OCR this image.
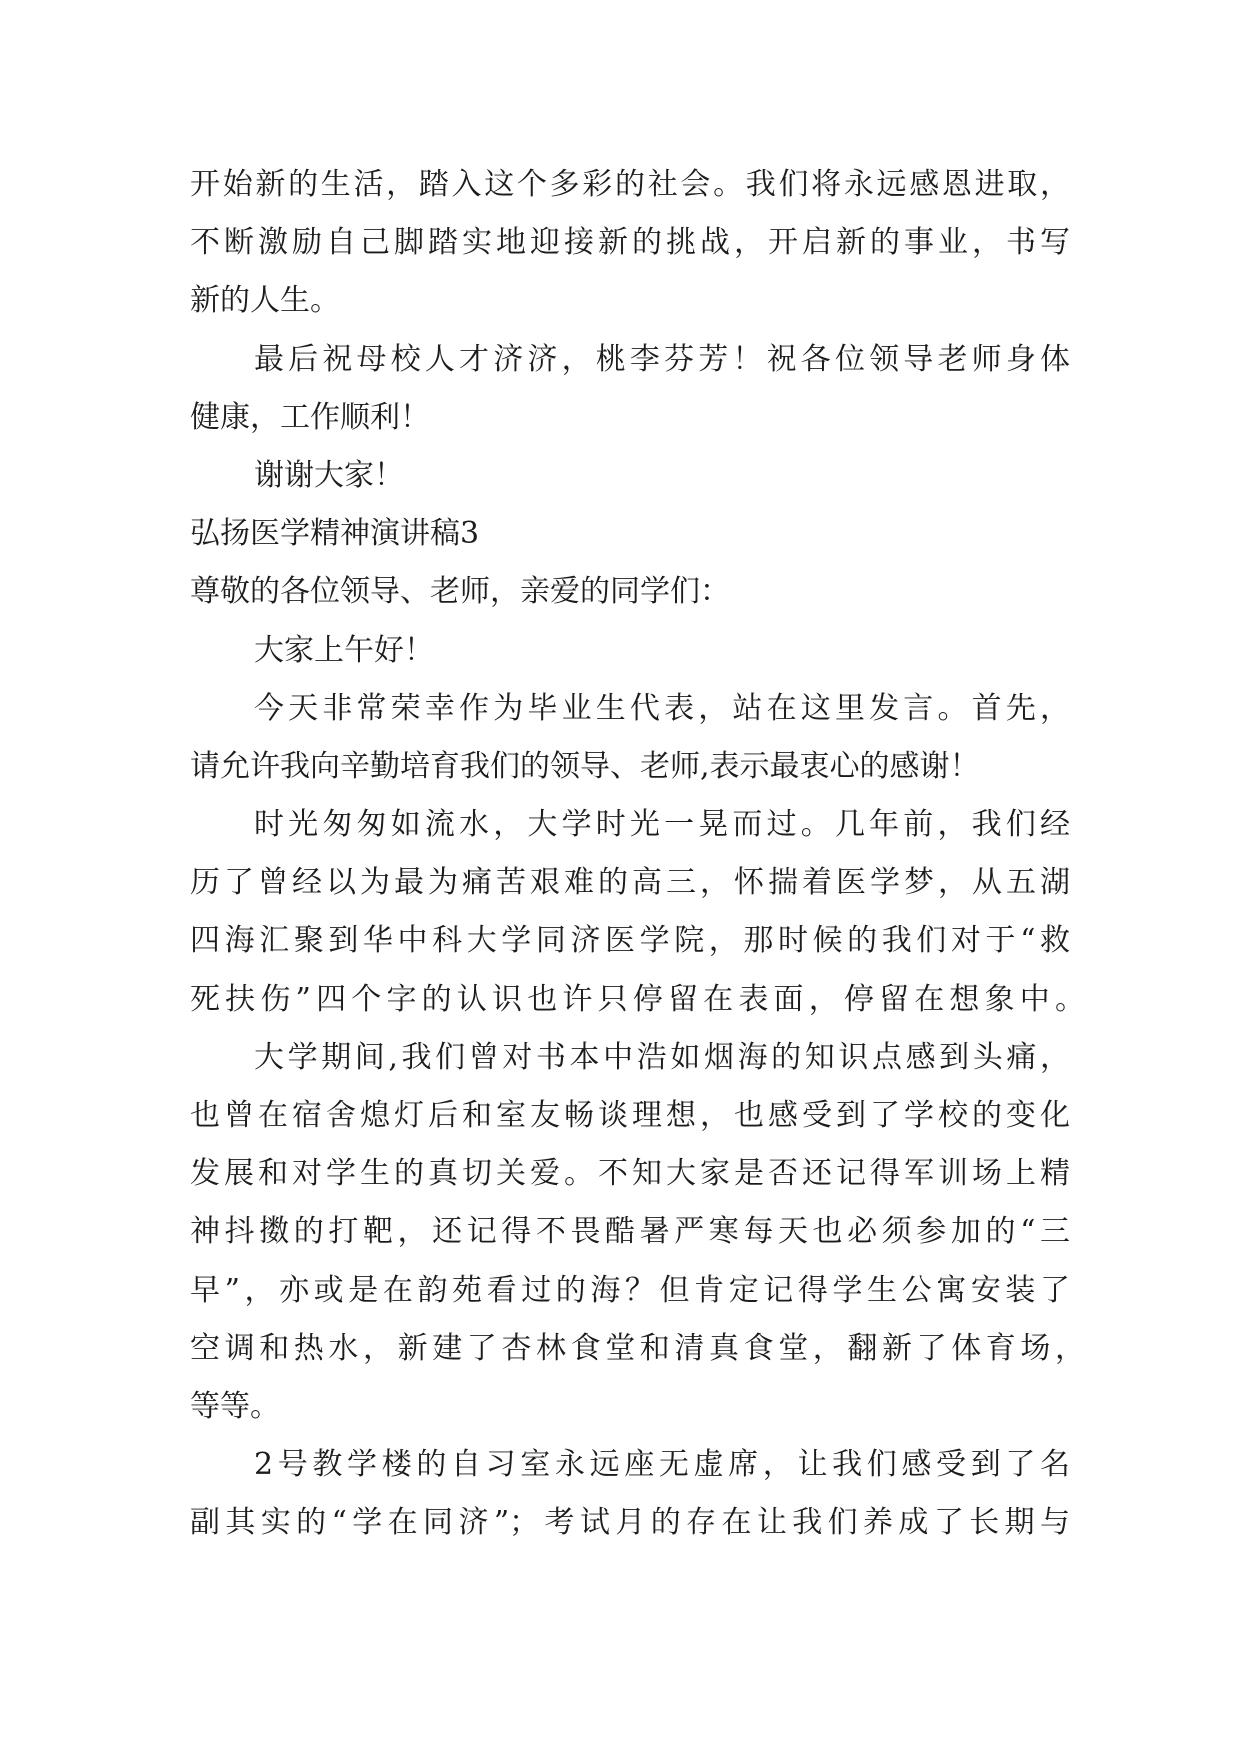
开始新的生活，踏入这个多彩的社会。我们将永远感恩进取，
不断激励自己脚踏实地迎接新的挑战，开启新的事业，书写
新的人生。
最后祝母校人才济济，桃李芬芳！祝各位领导老师身体
健康，工作顺利！
谢谢大家！
弘扬医学精神演讲稿3
尊敬的各位领导、老师，亲爱的同学们：
大家上午好！
今天非常荣幸作为毕业生代表，站在这里发言。首先，
请允许我向辛勤培育我们的领导、老师,表示最衷心的感谢！
时光匆匆如流水，大学时光一晃而过。几年前，我们经
历了曾经以为最为痛苦艰难的高三，怀揣着医学梦，从五湖
四海汇聚到华中科大学同济医学院，那时候的我们对于“救
死扶伤”四个字的认识也许只停留在表面，停留在想象中。
大学期间,我们曾对书本中浩如烟海的知识点感到头痛，
也曾在宿舍熄灯后和室友畅谈理想，也感受到了学校的变化
发展和对学生的真切关爱。不知大家是否还记得军训场上精
神抖擞的打靶，还记得不畏酷暑严寒每天也必须参加的“三
早”，亦或是在韵苑看过的海？但肯定记得学生公寓安装了
空调和热水，新建了杏林食堂和清真食堂，翻新了体育场，
等等。
2号教学楼的自习室永远座无虚席，让我们感受到了名
副其实的“学在同济”；考试月的存在让我们养成了长期与
